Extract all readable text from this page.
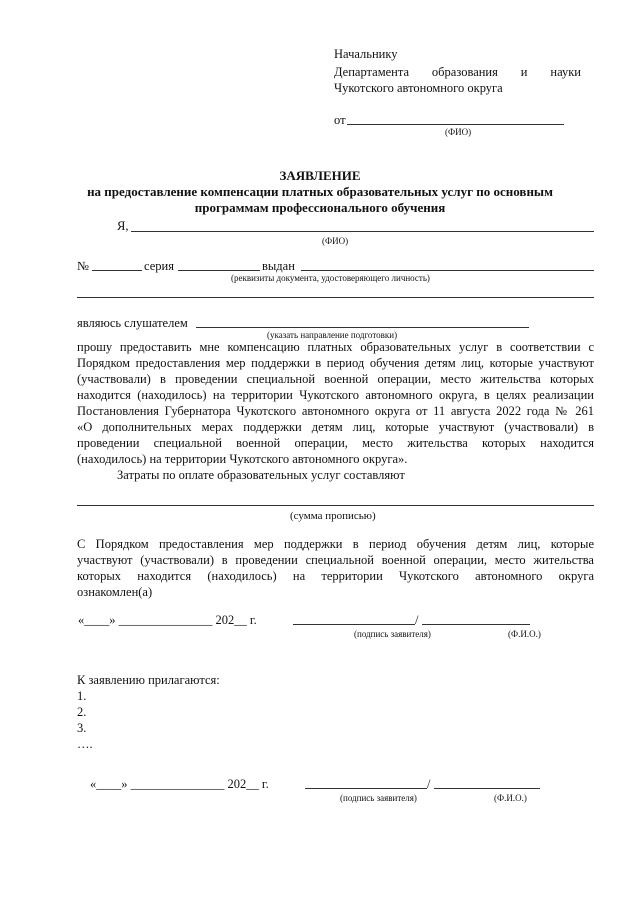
Начальнику
Департамента образования и науки
Чукотского автономного округа
от
(ФИО)
ЗАЯВЛЕНИЕ
на предоставление компенсации платных образовательных услуг по основным
программам профессионального обучения
Я,
(ФИО)
№	серия	выдан
(реквизиты документа, удостоверяющего личность)
являюсь слушателем
(указать направление подготовки)
прошу предоставить мне компенсацию платных образовательных услуг в соответствии с
Порядком предоставления мер поддержки в период обучения детям лиц, которые участвуют
(участвовали) в проведении специальной военной операции, место жительства которых
находится (находилось) на территории Чукотского автономного округа, в целях реализации
Постановления Губернатора Чукотского автономного округа от 11 августа 2022 года № 261
«О дополнительных мерах поддержки детям лиц, которые участвуют (участвовали) в
проведении специальной военной операции, место жительства которых находится
(находилось) на территории Чукотского автономного округа».
Затраты по оплате образовательных услуг составляют
(сумма прописью)
С Порядком предоставления мер поддержки в период обучения детям лиц, которые
участвуют (участвовали) в проведении специальной военной операции, место жительства
которых находится (находилось) на территории Чукотского автономного округа
ознакомлен(а)
«____» _______________ 202__ г.	/
(подпись заявителя)	(Ф.И.О.)
К заявлению прилагаются:
1.
2.
3.
….
«____» _______________ 202__ г.	/
(подпись заявителя)	(Ф.И.О.)
